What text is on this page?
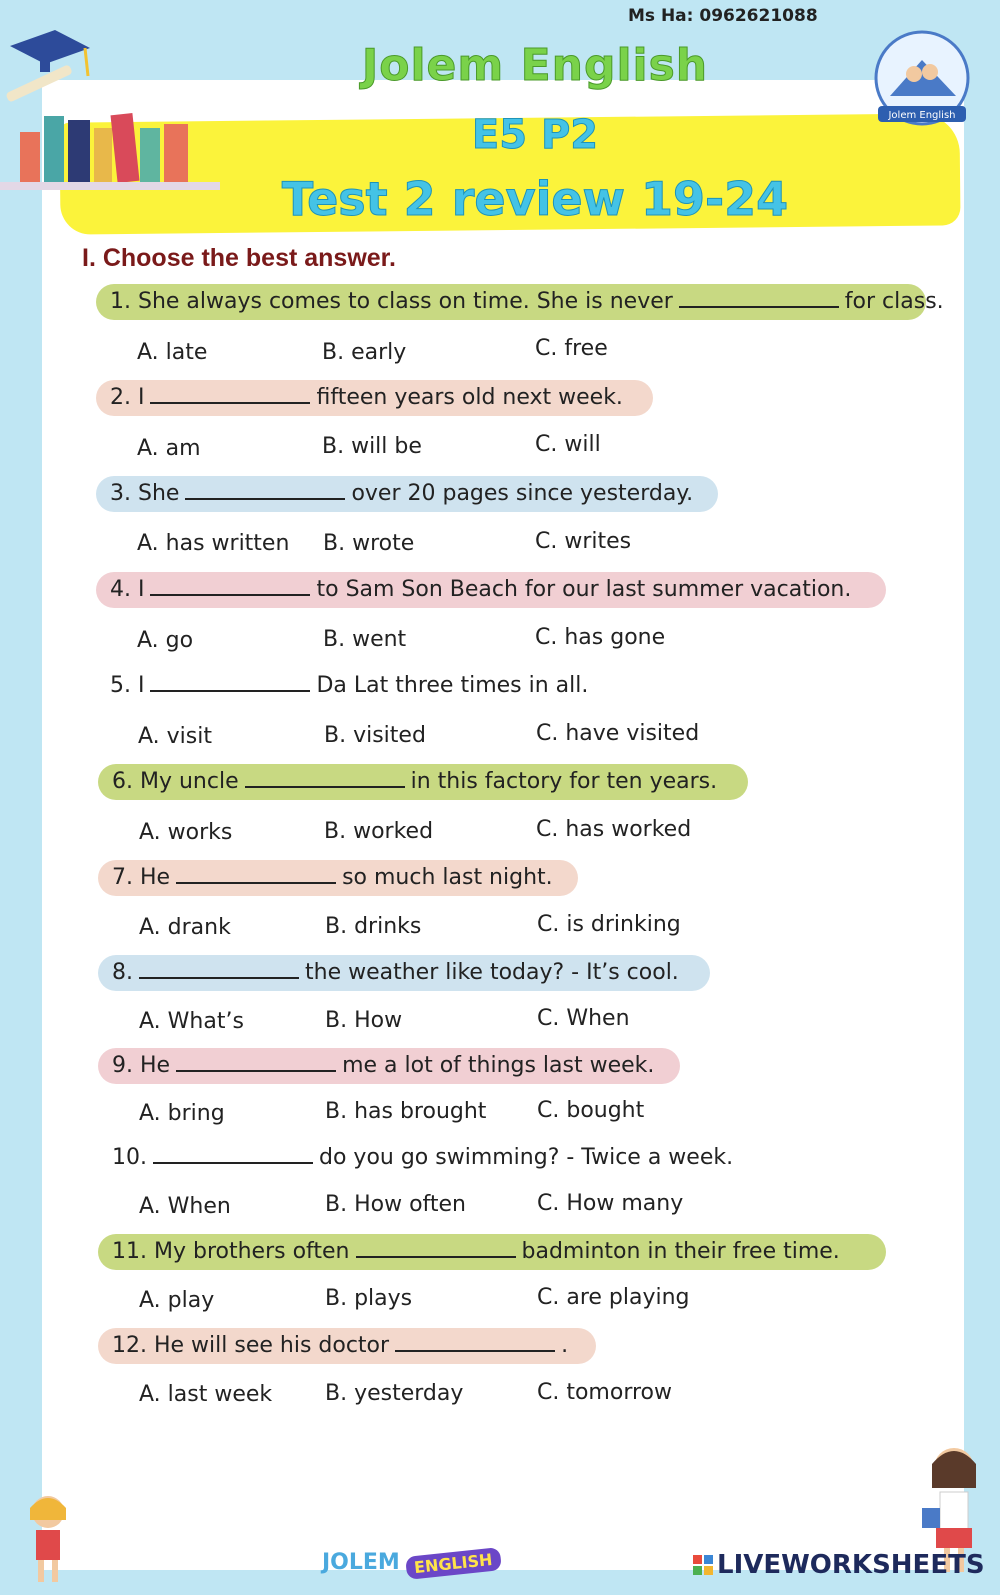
Ms Ha: 0962621088
Jolem English
E5 P2
Test 2 review 19-24
Jolem English
I. Choose the best answer.
1. She always comes to class on time. She is never	for class.
A. late	B. early	C. free
2. I	fifteen years old next week.
A. am	B. will be	C. will
3. She	over 20 pages since yesterday.
A. has written B. wrote	C. writes
4. I	to Sam Son Beach for our last summer vacation.
A. go	B. went	C. has gone
5. I	Da Lat three times in all.
A. visit	B. visited	C. have visited
6. My uncle	in this factory for ten years.
A. works	B. worked	C. has worked
7. He	so much last night.
A. drank	B. drinks	C. is drinking
8.	the weather like today? - It’s cool.
A. What’s	B. How	C. When
9. He	me a lot of things last week.
A. bring	B. has brought C. bought
10.	do you go swimming? - Twice a week.
A. When	B. How often	C. How many
11. My brothers often	badminton in their free time.
A. play	B. plays	C. are playing
12. He will see his doctor	.
A. last week B. yesterday	C. tomorrow
JOLEM ENGLISH	LIVEWORKSHEETS
